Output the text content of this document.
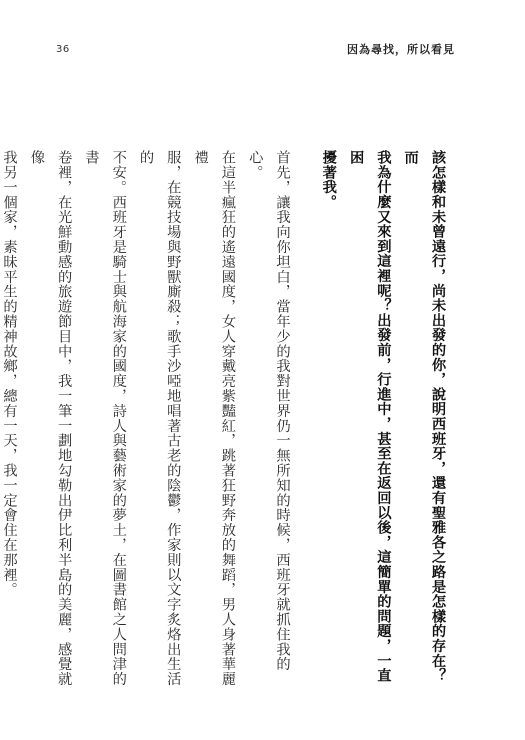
36	因為尋找，所以看見

該怎樣和未曾遠行，尚未出發的你，說明西班牙，還有聖雅各之路是怎樣的存在？而

我為什麼又來到這裡呢？出發前，行進中，甚至在返回以後，這簡單的問題，一直困

擾著我。

首先，讓我向你坦白，當年少的我對世界仍一無所知的時候，西班牙就抓住我的心。

在這半瘋狂的遙遠國度，女人穿戴亮紫豔紅，跳著狂野奔放的舞蹈，男人身著華麗禮

服，在競技場與野獸廝殺；歌手沙啞地唱著古老的陰鬱，作家則以文字炙烙出生活的

不安。西班牙是騎士與航海家的國度，詩人與藝術家的夢土，在圖書館之人問津的書

卷裡，在光鮮動感的旅遊節目中，我一筆一劃地勾勒出伊比利半島的美麗，感覺就像

我另一個家，素昧平生的精神故鄉，總有一天，我一定會住在那裡。
